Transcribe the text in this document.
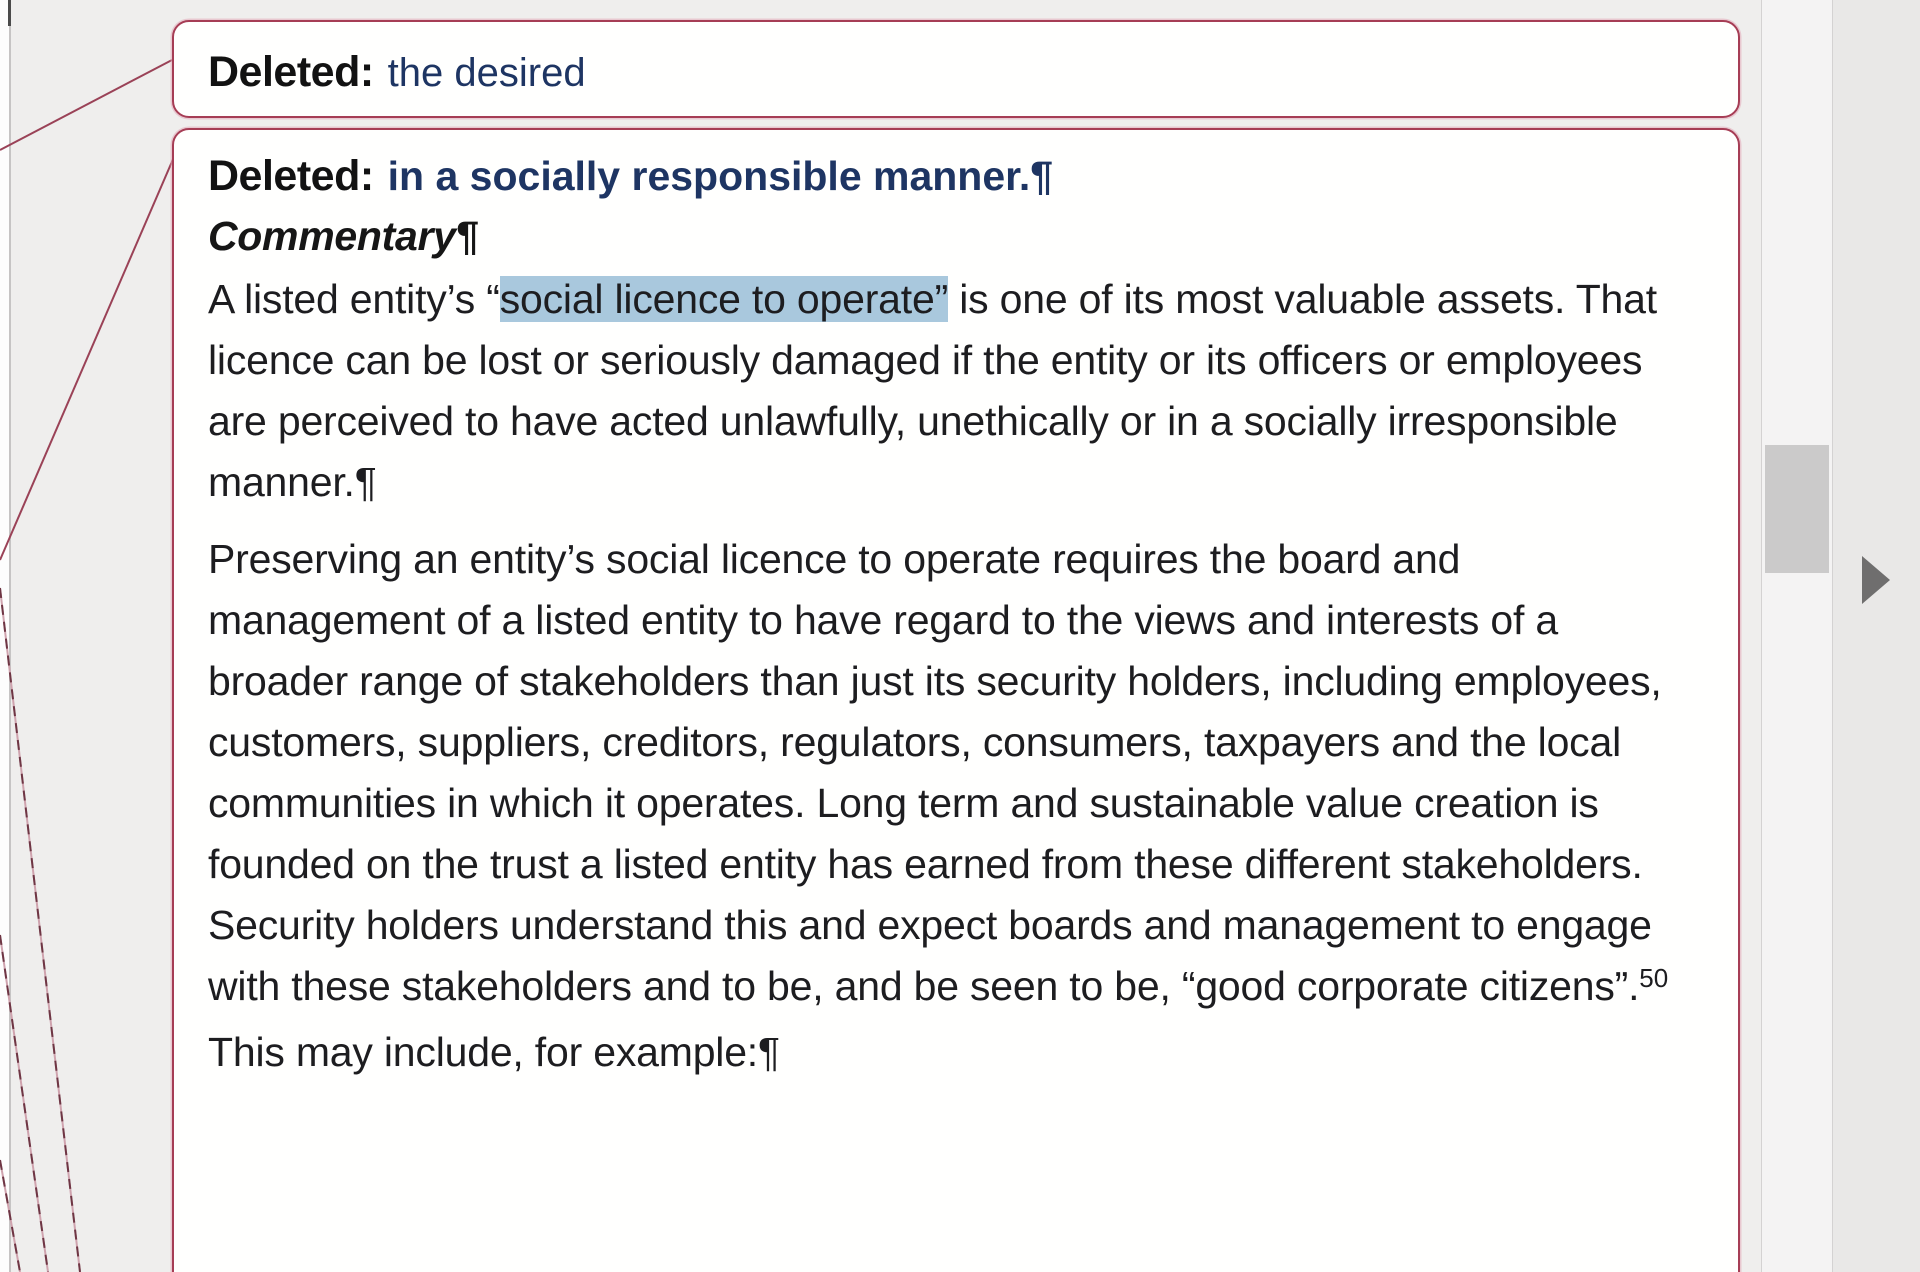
Deleted: the desired
Deleted: in a socially responsible manner.¶
Commentary¶
A listed entity’s “social licence to operate” is one of its most valuable assets. That licence can be lost or seriously damaged if the entity or its officers or employees are perceived to have acted unlawfully, unethically or in a socially irresponsible manner.¶
Preserving an entity’s social licence to operate requires the board and management of a listed entity to have regard to the views and interests of a broader range of stakeholders than just its security holders, including employees, customers, suppliers, creditors, regulators, consumers, taxpayers and the local communities in which it operates. Long term and sustainable value creation is founded on the trust a listed entity has earned from these different stakeholders. Security holders understand this and expect boards and management to engage with these stakeholders and to be, and be seen to be, “good corporate citizens”.$^{50}$ This may include, for example:¶
